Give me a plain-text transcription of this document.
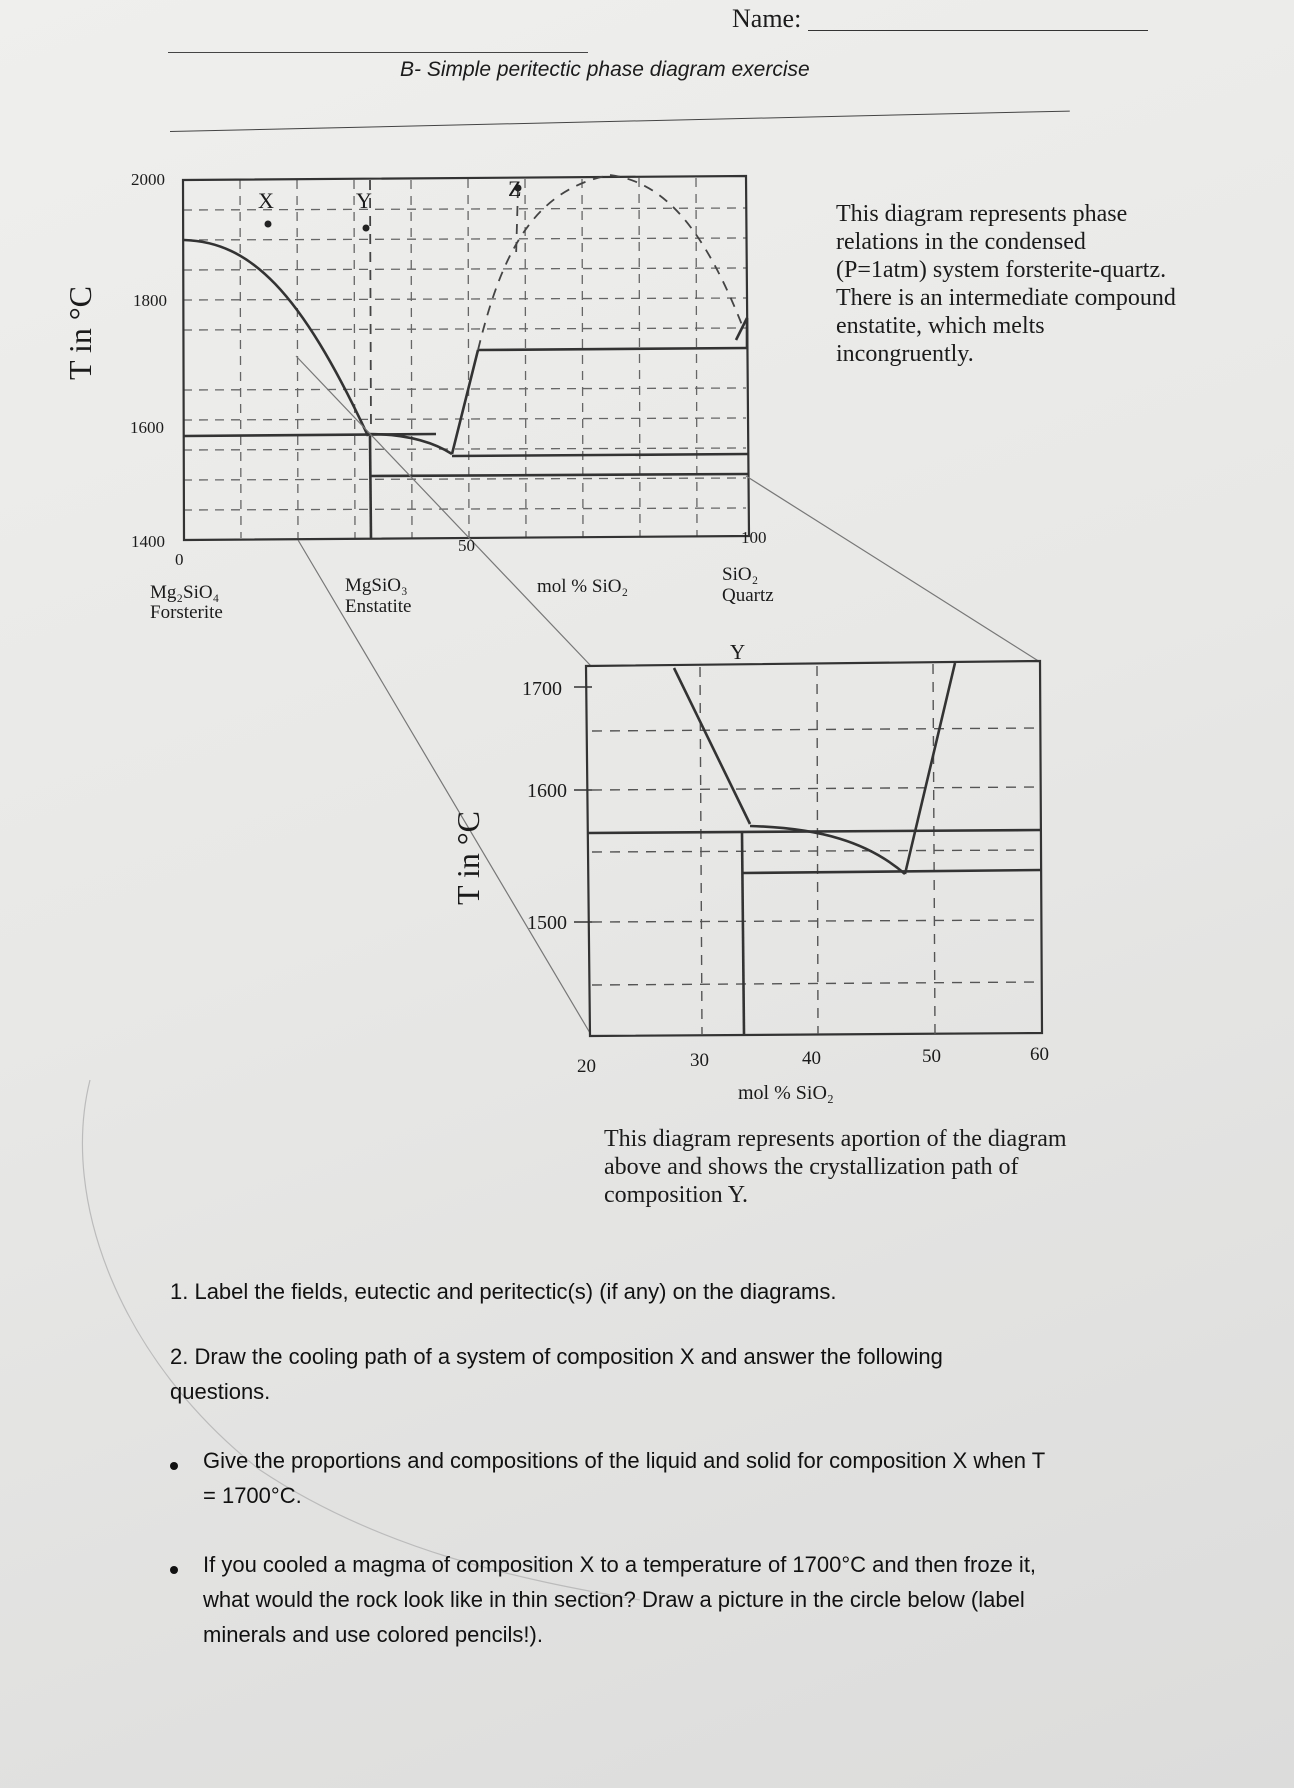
Name:
B- Simple peritectic phase diagram exercise
T in °C
2000
1800
1600
1400
0
50	100
X	Y	Z
Mg₂SiO₄
Forsterite
MgSiO₃
Enstatite
mol % SiO₂
SiO₂
Quartz
This diagram represents phase relations in the condensed (P=1atm) system forsterite-quartz. There is an intermediate compound enstatite, which melts incongruently.
Y
T in °C
1700
1600
1500
20	30	40	50	60
mol % SiO₂
This diagram represents aportion of the diagram above and shows the crystallization path of composition Y.
1. Label the fields, eutectic and peritectic(s) (if any) on the diagrams.
2. Draw the cooling path of a system of composition X and answer the following
questions.
Give the proportions and compositions of the liquid and solid for composition X when T
= 1700°C.
If you cooled a magma of composition X to a temperature of 1700°C and then froze it,
what would the rock look like in thin section? Draw a picture in the circle below (label
minerals and use colored pencils!).
